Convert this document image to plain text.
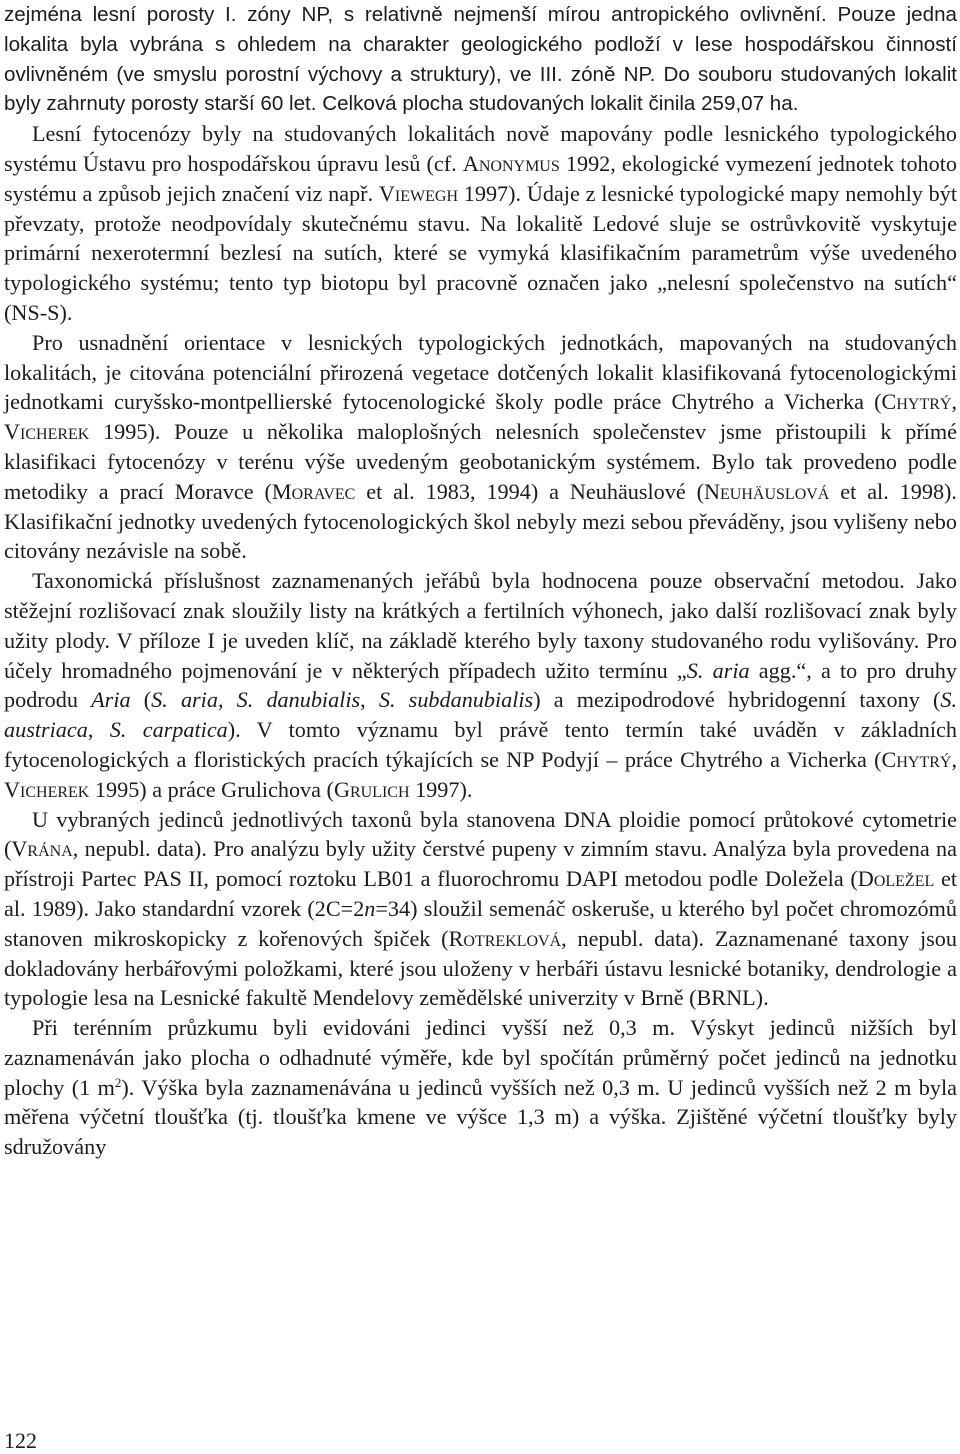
zejména lesní porosty I. zóny NP, s relativně nejmenší mírou antropického ovlivnění. Pouze jedna lokalita byla vybrána s ohledem na charakter geologického podloží v lese hospodářskou činností ovlivněném (ve smyslu porostní výchovy a struktury), ve III. zóně NP. Do souboru studovaných lokalit byly zahrnuty porosty starší 60 let. Celková plocha studovaných lokalit činila 259,07 ha.

Lesní fytocenózy byly na studovaných lokalitách nově mapovány podle lesnického typologického systému Ústavu pro hospodářskou úpravu lesů (cf. Anonymus 1992, ekologické vymezení jednotek tohoto systému a způsob jejich značení viz např. Viewegh 1997). Údaje z lesnické typologické mapy nemohly být převzaty, protože neodpovídaly skutečnému stavu. Na lokalitě Ledové sluje se ostrůvkovitě vyskytuje primární nexerotermní bezlesí na sutích, které se vymyká klasifikačním parametrům výše uvedeného typologického systému; tento typ biotopu byl pracovně označen jako „nelesní společenstvo na sutích“ (NS-S).

Pro usnadnění orientace v lesnických typologických jednotkách, mapovaných na studovaných lokalitách, je citována potenciální přirozená vegetace dotčených lokalit klasifikovaná fytocenologickými jednotkami curyšsko-montpellierské fytocenologické školy podle práce Chytrého a Vicherka (Chytrý, Vicherek 1995). Pouze u několika maloplošných nelesních společenstev jsme přistoupili k přímé klasifikaci fytocenózy v terénu výše uvedeným geobotanickým systémem. Bylo tak provedeno podle metodiky a prací Moravce (Moravec et al. 1983, 1994) a Neuhäuslové (Neuhäuslová et al. 1998). Klasifikační jednotky uvedených fytocenologických škol nebyly mezi sebou převáděny, jsou vylišeny nebo citovány nezávisle na sobě.

Taxonomická příslušnost zaznamenaných jeřábů byla hodnocena pouze observační metodou. Jako stěžejní rozlišovací znak sloužily listy na krátkých a fertilních výhonech, jako další rozlišovací znak byly užity plody. V příloze I je uveden klíč, na základě kterého byly taxony studovaného rodu vylišovány. Pro účely hromadného pojmenování je v některých případech užito termínu „S. aria agg.“, a to pro druhy podrodu Aria (S. aria, S. danubialis, S. subdanubialis) a mezipodrodové hybridogenní taxony (S. austriaca, S. carpatica). V tomto významu byl právě tento termín také uváděn v základních fytocenologických a floristických pracích týkajících se NP Podyjí – práce Chytrého a Vicherka (Chytrý, Vicherek 1995) a práce Grulichova (Grulich 1997).

U vybraných jedinců jednotlivých taxonů byla stanovena DNA ploidie pomocí průtokové cytometrie (Vrána, nepubl. data). Pro analýzu byly užity čerstvé pupeny v zimním stavu. Analýza byla provedena na přístroji Partec PAS II, pomocí roztoku LB01 a fluorochromu DAPI metodou podle Doležela (Doležel et al. 1989). Jako standardní vzorek (2C=2n=34) sloužil semenáč oskeruše, u kterého byl počet chromozómů stanoven mikroskopicky z kořenových špiček (Rotreklová, nepubl. data). Zaznamenané taxony jsou dokladovány herbářovými položkami, které jsou uloženy v herbáři ústavu lesnické botaniky, dendrologie a typologie lesa na Lesnické fakultě Mendelovy zemědělské univerzity v Brně (BRNL).

Při terénním průzkumu byli evidováni jedinci vyšší než 0,3 m. Výskyt jedinců nižších byl zaznamenáván jako plocha o odhadnuté výměře, kde byl spočítán průměrný počet jedinců na jednotku plochy (1 $m^2$). Výška byla zaznamenávána u jedinců vyšších než 0,3 m. U jedinců vyšších než 2 m byla měřena výčetní tloušťka (tj. tloušťka kmene ve výšce 1,3 m) a výška. Zjištěné výčetní tloušťky byly sdružovány

122
